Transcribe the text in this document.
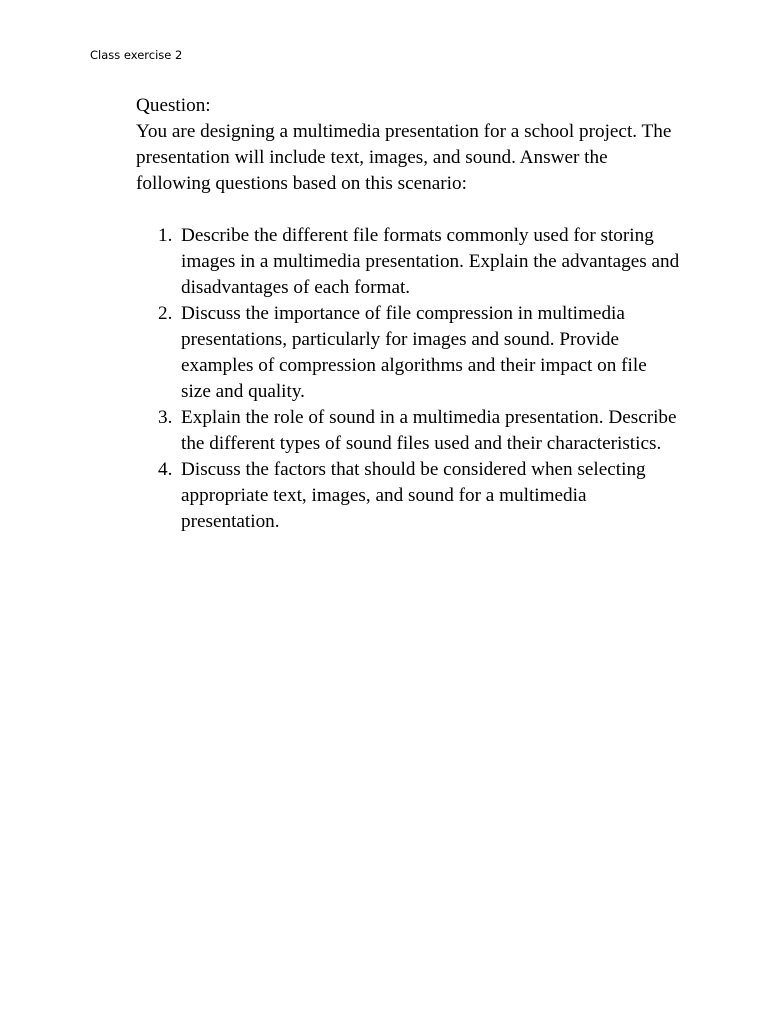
Class exercise 2

Question:

You are designing a multimedia presentation for a school project. The presentation will include text, images, and sound. Answer the following questions based on this scenario:

1. Describe the different file formats commonly used for storing images in a multimedia presentation. Explain the advantages and disadvantages of each format.
2. Discuss the importance of file compression in multimedia presentations, particularly for images and sound. Provide examples of compression algorithms and their impact on file size and quality.
3. Explain the role of sound in a multimedia presentation. Describe the different types of sound files used and their characteristics.
4. Discuss the factors that should be considered when selecting appropriate text, images, and sound for a multimedia presentation.
